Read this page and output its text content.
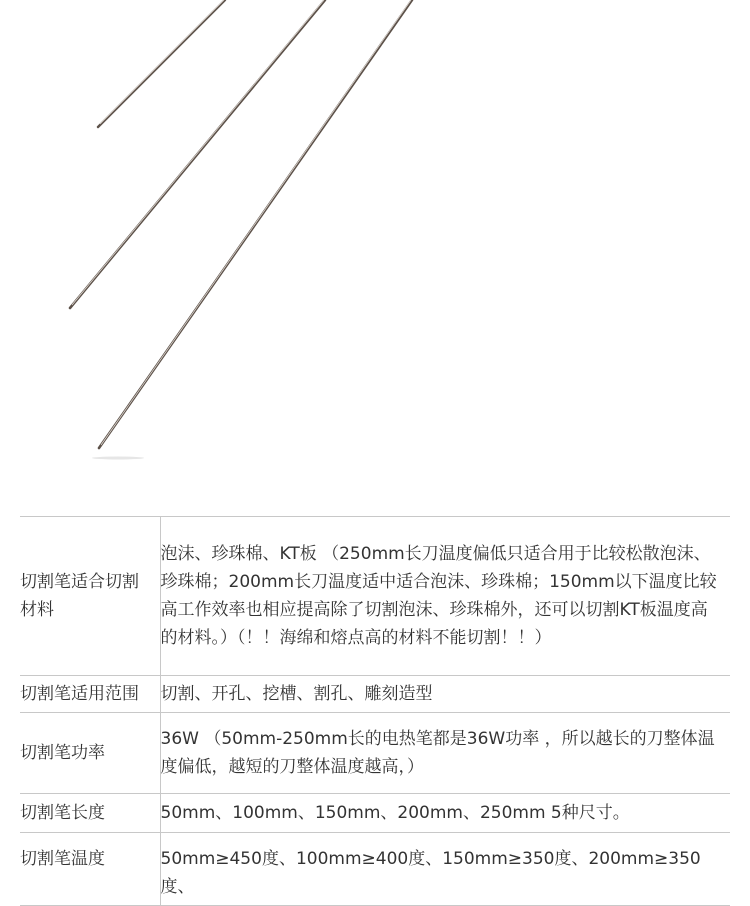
切割笔适合切割材料	泡沫、珍珠棉、KT板 （250mm长刀温度偏低只适合用于比较松散泡沫、珍珠棉；200mm长刀温度适中适合泡沫、珍珠棉；150mm以下温度比较高工作效率也相应提高除了切割泡沫、珍珠棉外，还可以切割KT板温度高的材料。）（！！海绵和熔点高的材料不能切割！！）
切割笔适用范围	切割、开孔、挖槽、割孔、雕刻造型
切割笔功率	36W （50mm-250mm长的电热笔都是36W功率 ，所以越长的刀整体温度偏低，越短的刀整体温度越高，）
切割笔长度	50mm、100mm、150mm、200mm、250mm 5种尺寸。
切割笔温度	50mm≥450度、100mm≥400度、150mm≥350度、200mm≥350度、
